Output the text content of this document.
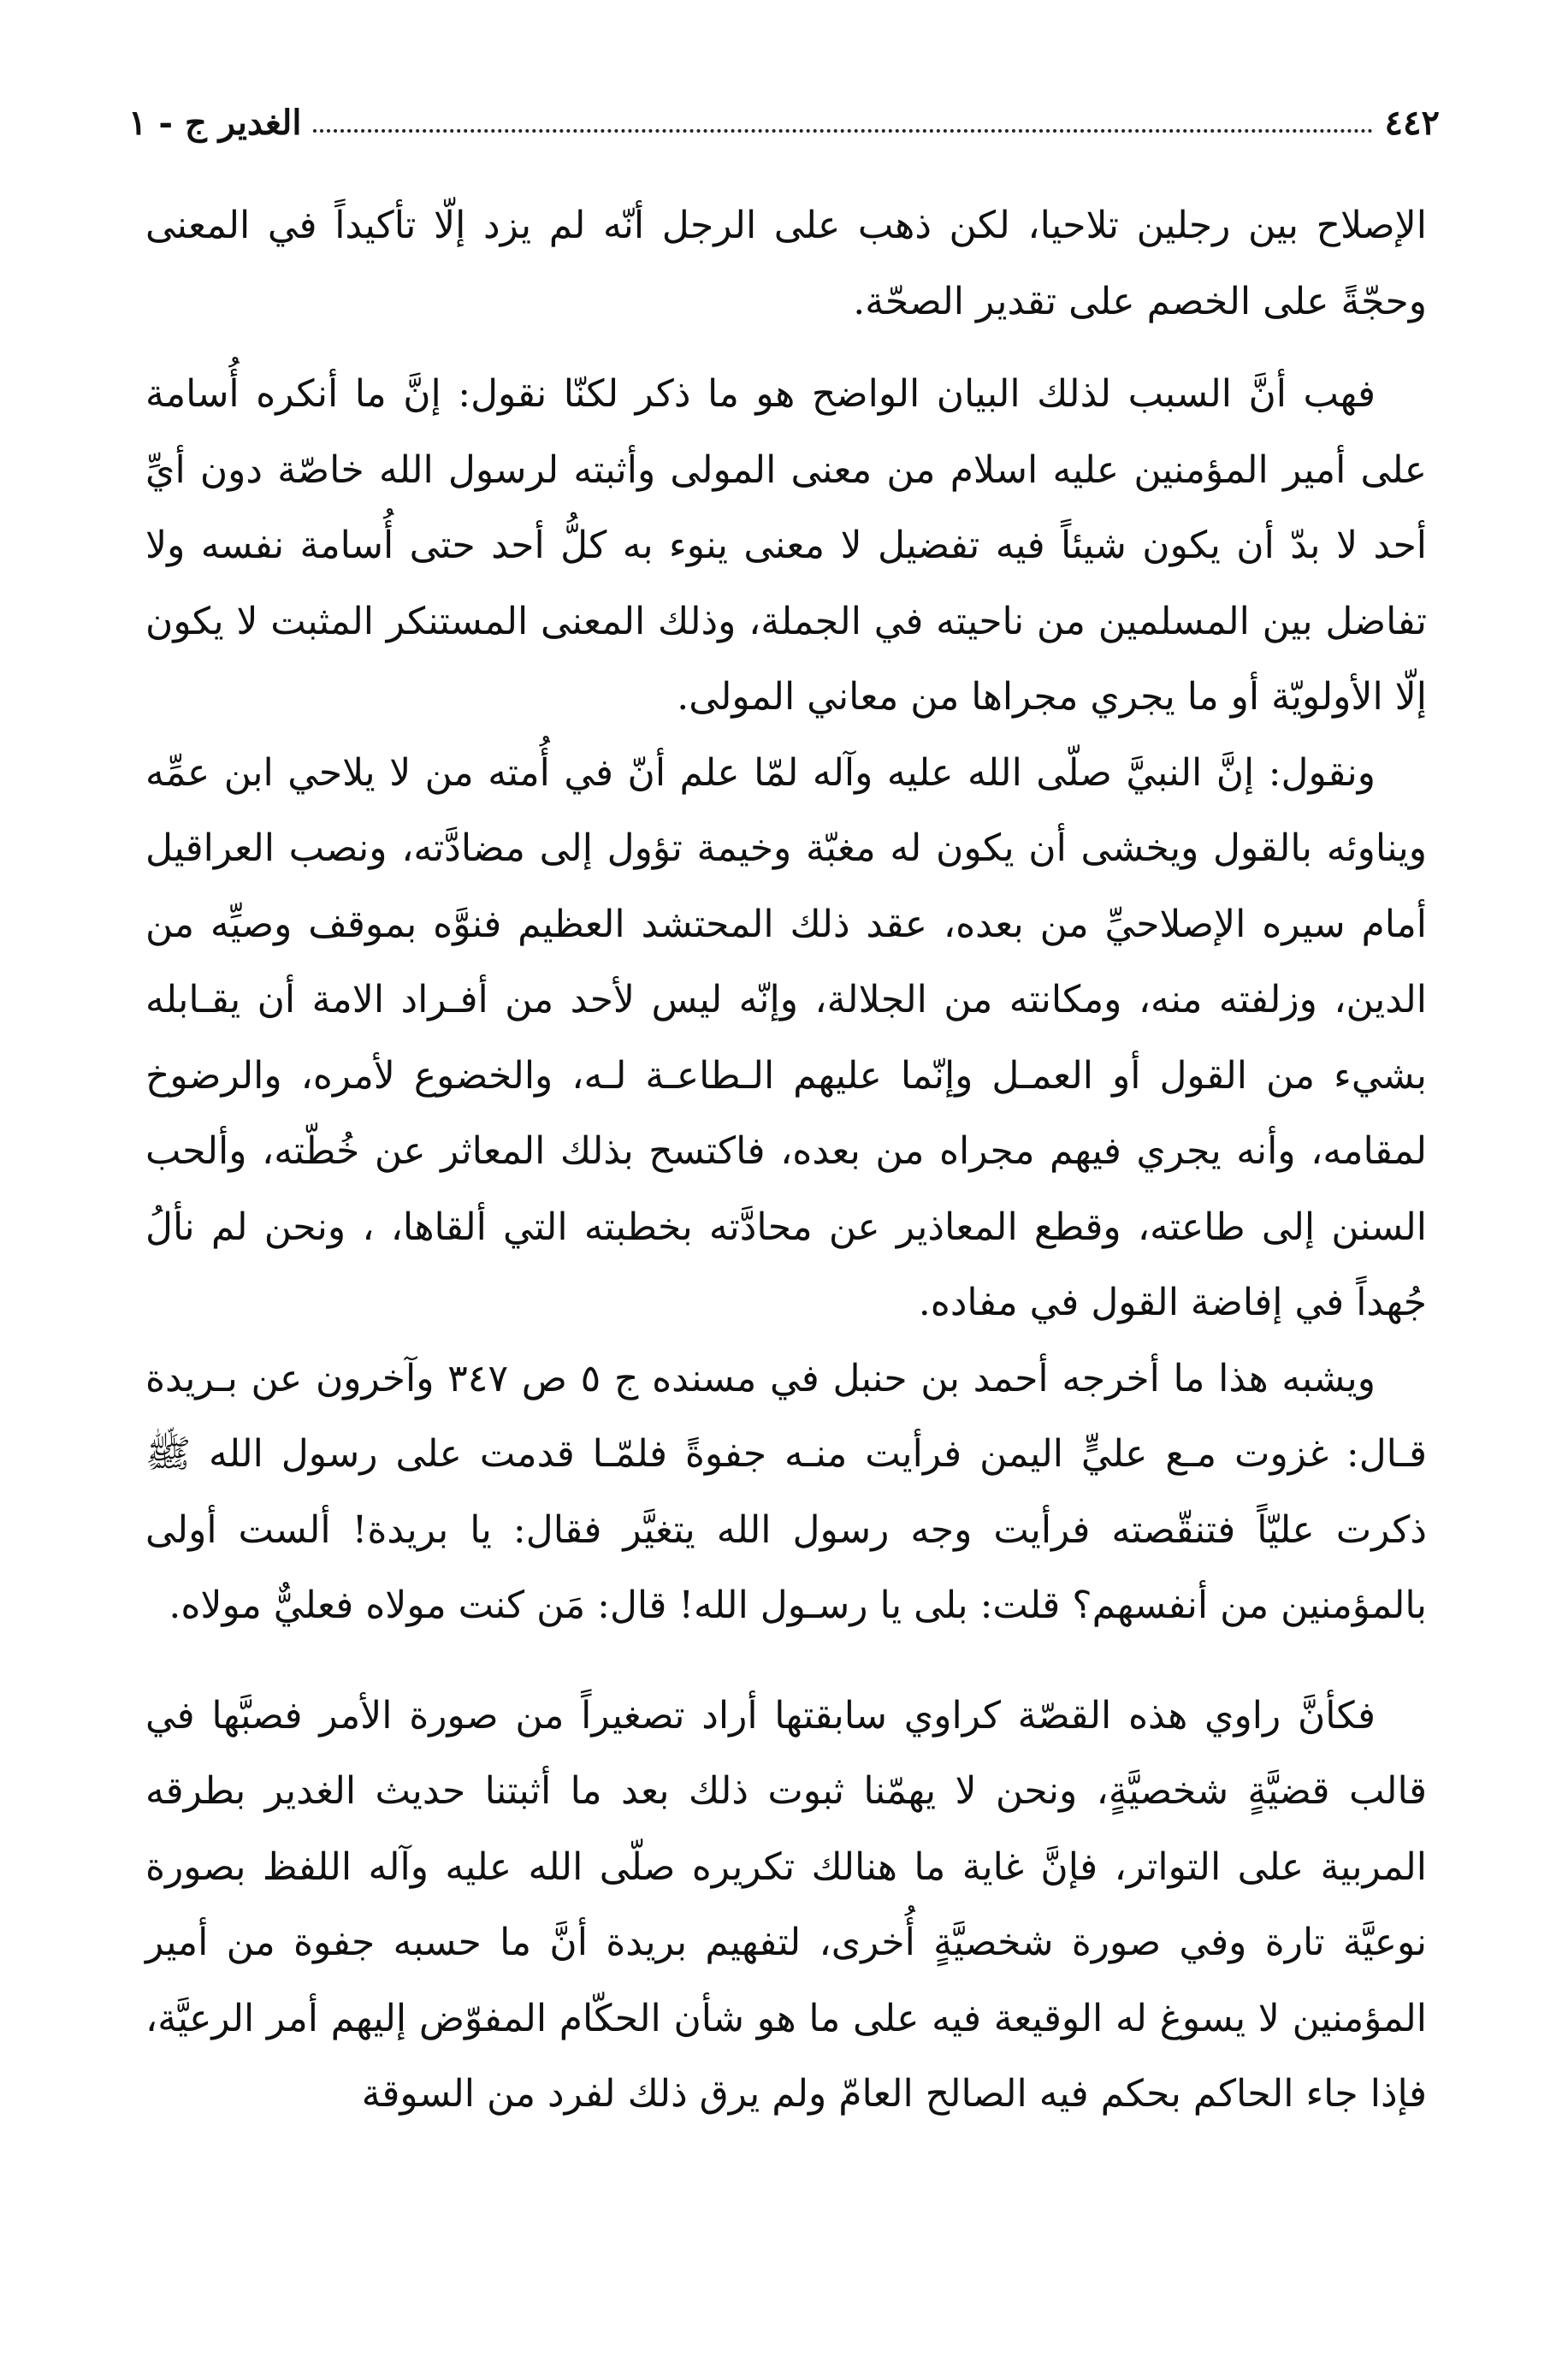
٤٤٢
الغدير ج - ١

الإصلاح بين رجلين تلاحيا، لكن ذهب على الرجل أنّه لم يزد إلّا تأكيداً في المعنى وحجّةً على الخصم على تقدير الصحّة.

فهب أنَّ السبب لذلك البيان الواضح هو ما ذكر لكنّا نقول: إنَّ ما أنكره أُسامة على أمير المؤمنين عليه اسلام من معنى المولى وأثبته لرسول الله خاصّة دون أيِّ أحد لا بدّ أن يكون شيئاً فيه تفضيل لا معنى ينوء به كلُّ أحد حتى أُسامة نفسه ولا تفاضل بين المسلمين من ناحيته في الجملة، وذلك المعنى المستنكر المثبت لا يكون إلّا الأولويّة أو ما يجري مجراها من معاني المولى.

ونقول: إنَّ النبيَّ صلّى الله عليه وآله لمّا علم أنّ في أُمته من لا يلاحي ابن عمِّه ويناوئه بالقول ويخشى أن يكون له مغبّة وخيمة تؤول إلى مضادَّته، ونصب العراقيل أمام سيره الإصلاحيِّ من بعده، عقد ذلك المحتشد العظيم فنوَّه بموقف وصيِّه من الدين، وزلفته منه، ومكانته من الجلالة، وإنّه ليس لأحد من أفـراد الامة أن يقـابله بشيء من القول أو العمـل وإنّما عليهم الـطاعـة لـه، والخضوع لأمره، والرضوخ لمقامه، وأنه يجري فيهم مجراه من بعده، فاكتسح بذلك المعاثر عن خُطّته، وألحب السنن إلى طاعته، وقطع المعاذير عن محادَّته بخطبته التي ألقاها، ، ونحن لم نألُ جُهداً في إفاضة القول في مفاده.

ويشبه هذا ما أخرجه أحمد بن حنبل في مسنده ج ٥ ص ٣٤٧ وآخرون عن بـريدة قـال: غزوت مـع عليٍّ اليمن فرأيت منـه جفوةً فلمّـا قدمت على رسول الله ﷺ ذكرت عليّاً فتنقّصته فرأيت وجه رسول الله يتغيَّر فقال: يا بريدة! ألست أولى بالمؤمنين من أنفسهم؟ قلت: بلى يا رسـول الله! قال: مَن كنت مولاه فعليٌّ مولاه.

فكأنَّ راوي هذه القصّة كراوي سابقتها أراد تصغيراً من صورة الأمر فصبَّها في قالب قضيَّةٍ شخصيَّةٍ، ونحن لا يهمّنا ثبوت ذلك بعد ما أثبتنا حديث الغدير بطرقه المربية على التواتر، فإنَّ غاية ما هنالك تكريره صلّى الله عليه وآله اللفظ بصورة نوعيَّة تارة وفي صورة شخصيَّةٍ أُخرى، لتفهيم بريدة أنَّ ما حسبه جفوة من أمير المؤمنين لا يسوغ له الوقيعة فيه على ما هو شأن الحكّام المفوّض إليهم أمر الرعيَّة، فإذا جاء الحاكم بحكم فيه الصالح العامّ ولم يرق ذلك لفرد من السوقة
